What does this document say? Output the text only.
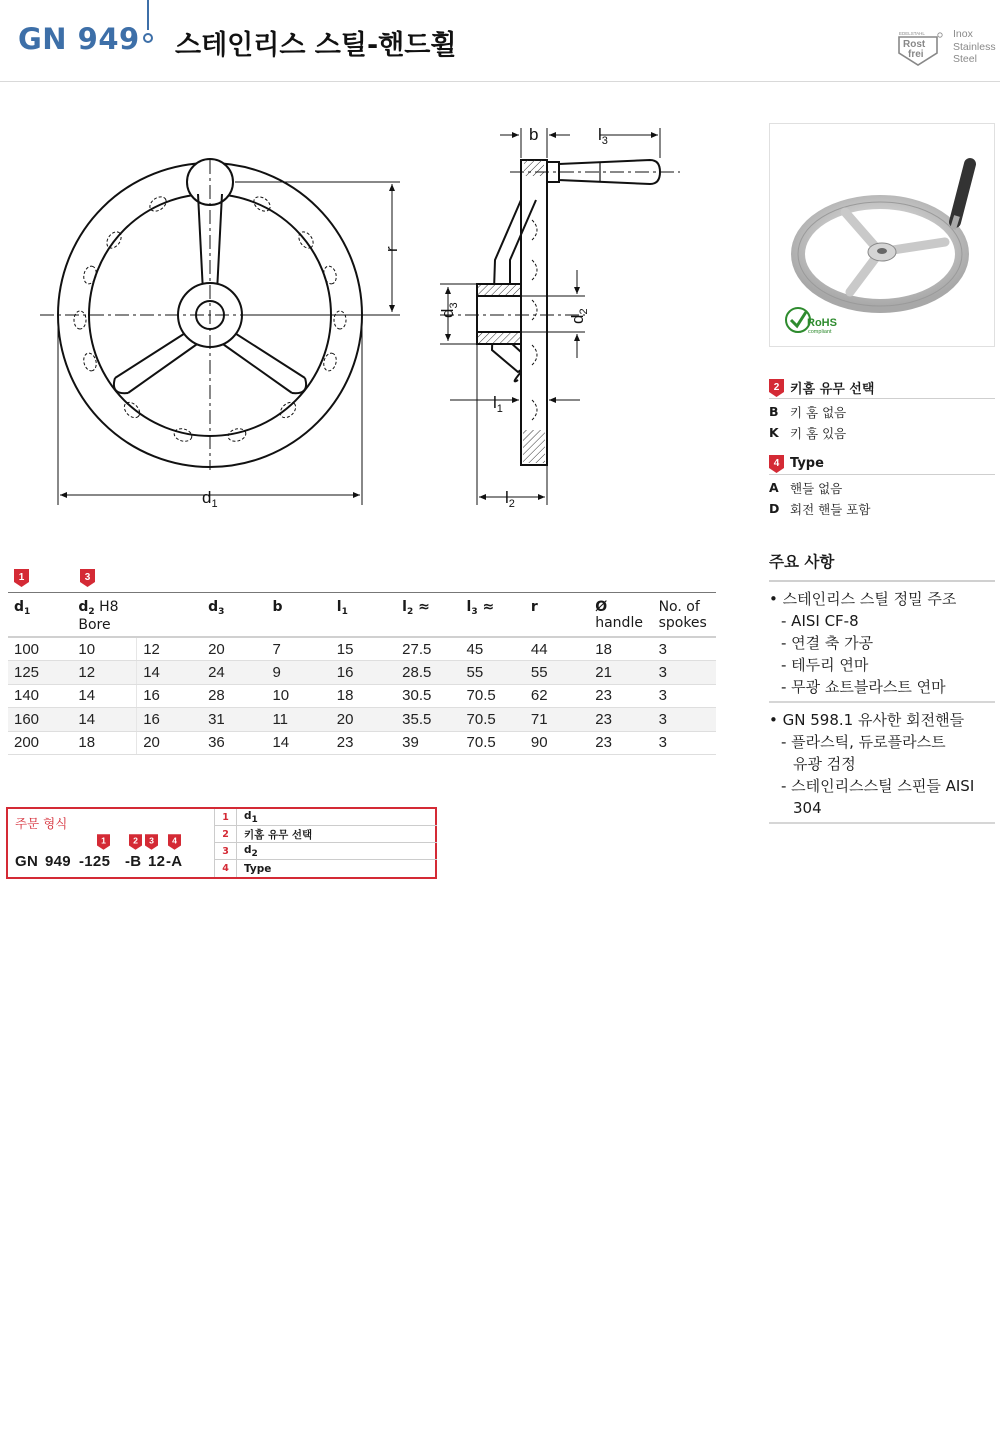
GN 949 스테인리스 스틸-핸드휠	EDELSTAHL
Rost
frei
Inox
Stainless
Steel
$d_1$
r
b	$l_3$
$d_3$
$d_2$
$l_1$
$l_2$
RoHS
compliant
2 키홈 유무 선택
B 키 홈 없음
K 키 홈 있음
4 Type
A 핸들 없음
D 회전 핸들 포함
주요 사항
• 스테인리스 스틸 정밀 주조
- AISI CF-8
- 연결 축 가공
- 테두리 연마
- 무광 쇼트블라스트 연마
• GN 598.1 유사한 회전핸들
- 플라스틱, 듀로플라스트
유광 검정
- 스테인리스스틸 스핀들 AISI
304
1	3
$d_1$	$d_2$ H8
Bore		$d_3$	b	$l_1$	$l_2$ ≈	$l_3$ ≈	r	Ø
handle	No. of
spokes
100	10	12	20	7	15	27.5	45	44	18	3
125	12	14	24	9	16	28.5	55	55	21	3
140	14	16	28	10	18	30.5	70.5	62	23	3
160	14	16	31	11	20	35.5	70.5	71	23	3
200	18	20	36	14	23	39	70.5	90	23	3
주문 형식
1	2 3 4
GN 949 -125 -B 12 -A
1	$d_1$
2	키홈 유무 선택
3	$d_2$
4	Type
